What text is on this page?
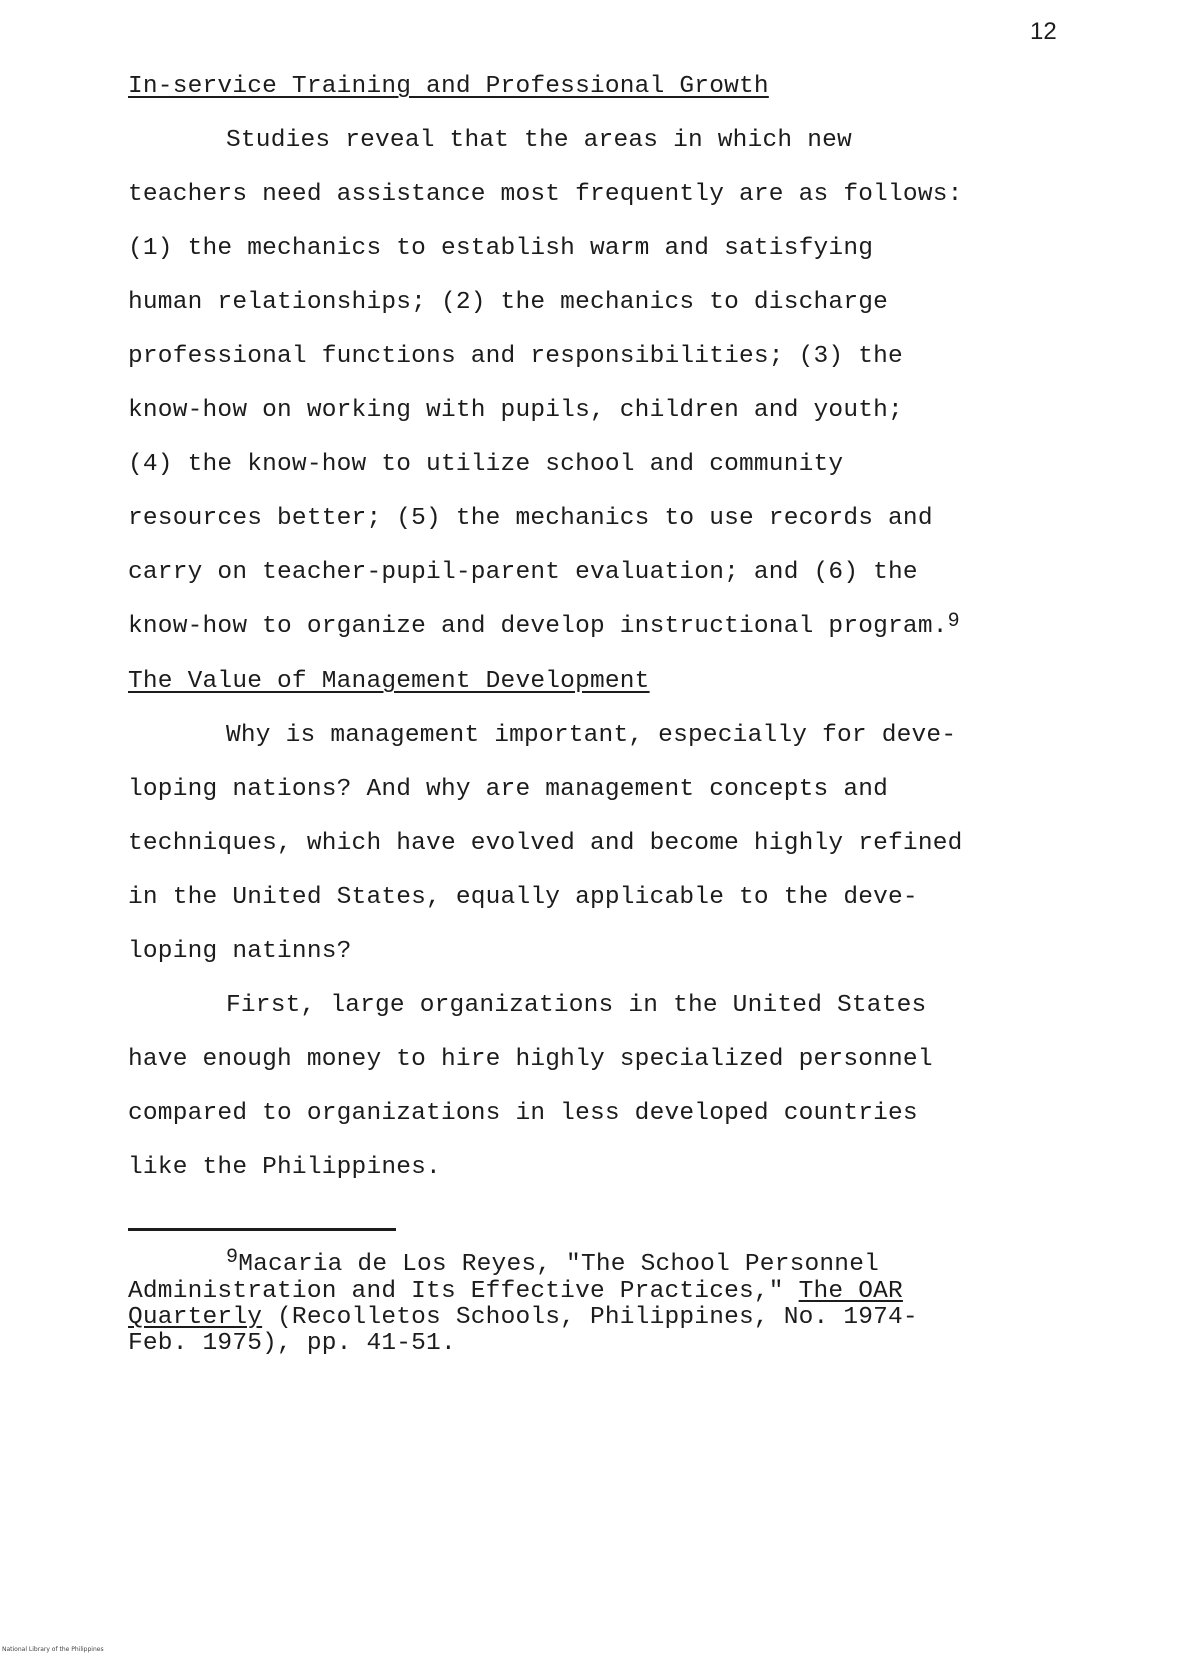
12
In-service Training and Professional Growth
Studies reveal that the areas in which new
teachers need assistance most frequently are as follows:
(1) the mechanics to establish warm and satisfying
human relationships; (2) the mechanics to discharge
professional functions and responsibilities; (3) the
know-how on working with pupils, children and youth;
(4) the know-how to utilize school and community
resources better; (5) the mechanics to use records and
carry on teacher-pupil-parent evaluation; and (6) the
know-how to organize and develop instructional program.$^9$
The Value of Management Development
Why is management important, especially for deve-
loping nations? And why are management concepts and
techniques, which have evolved and become highly refined
in the United States, equally applicable to the deve-
loping natinns?
First, large organizations in the United States
have enough money to hire highly specialized personnel
compared to organizations in less developed countries
like the Philippines.
$^9$Macaria de Los Reyes, "The School Personnel
Administration and Its Effective Practices," The OAR
Quarterly (Recolletos Schools, Philippines, No. 1974-
Feb. 1975), pp. 41-51.
National Library of the Philippines
